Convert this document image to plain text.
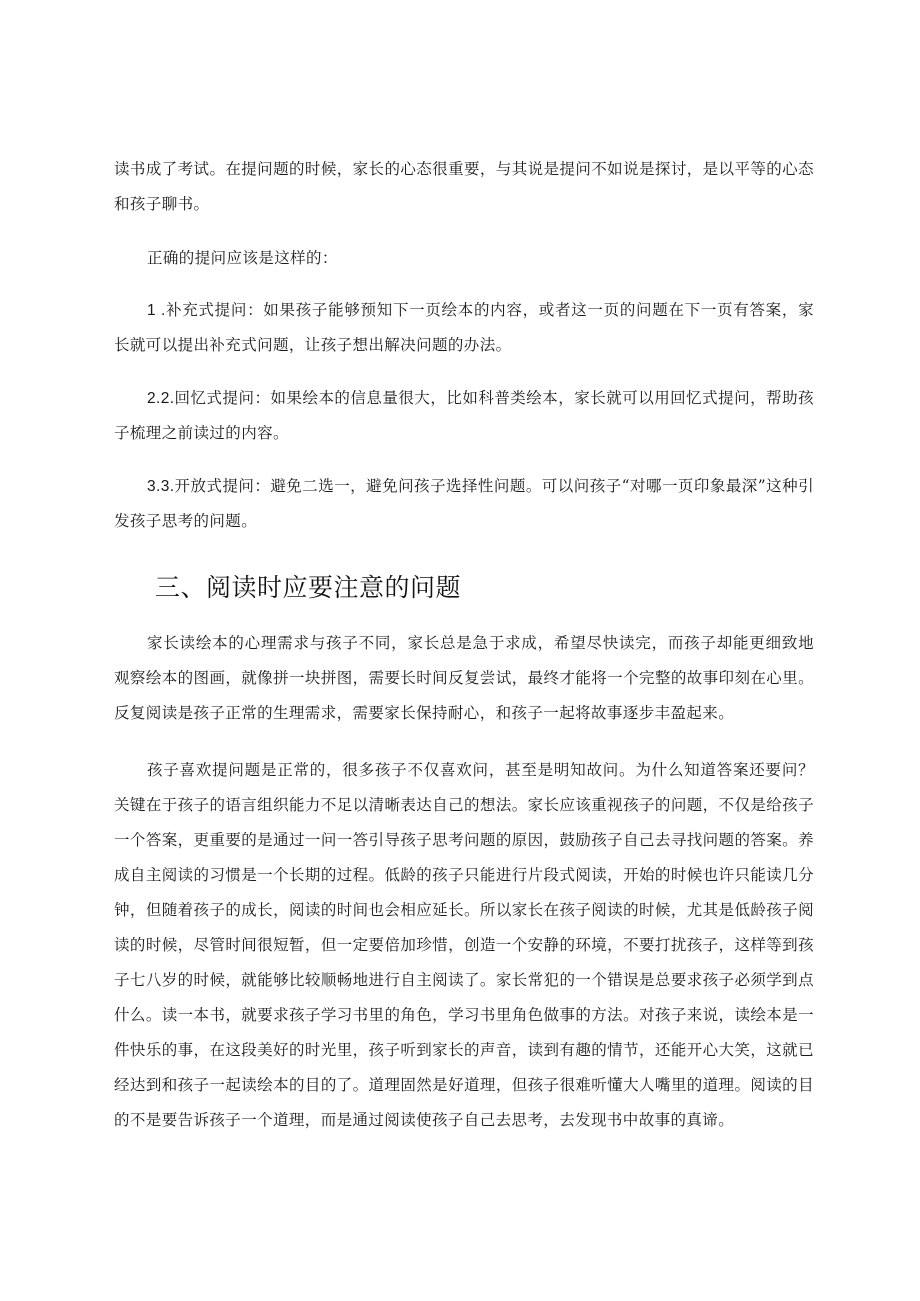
读书成了考试。在提问题的时候，家长的心态很重要，与其说是提问不如说是探讨，是以平等的心态和孩子聊书。

正确的提问应该是这样的：

1 .补充式提问：如果孩子能够预知下一页绘本的内容，或者这一页的问题在下一页有答案，家长就可以提出补充式问题，让孩子想出解决问题的办法。

2.2.回忆式提问：如果绘本的信息量很大，比如科普类绘本，家长就可以用回忆式提问，帮助孩子梳理之前读过的内容。

3.3.开放式提问：避免二选一，避免问孩子选择性问题。可以问孩子“对哪一页印象最深”这种引发孩子思考的问题。

三、阅读时应要注意的问题

家长读绘本的心理需求与孩子不同，家长总是急于求成，希望尽快读完，而孩子却能更细致地观察绘本的图画，就像拼一块拼图，需要长时间反复尝试，最终才能将一个完整的故事印刻在心里。反复阅读是孩子正常的生理需求，需要家长保持耐心，和孩子一起将故事逐步丰盈起来。

孩子喜欢提问题是正常的，很多孩子不仅喜欢问，甚至是明知故问。为什么知道答案还要问？关键在于孩子的语言组织能力不足以清晰表达自己的想法。家长应该重视孩子的问题，不仅是给孩子一个答案，更重要的是通过一问一答引导孩子思考问题的原因，鼓励孩子自己去寻找问题的答案。养成自主阅读的习惯是一个长期的过程。低龄的孩子只能进行片段式阅读，开始的时候也许只能读几分钟，但随着孩子的成长，阅读的时间也会相应延长。所以家长在孩子阅读的时候，尤其是低龄孩子阅读的时候，尽管时间很短暂，但一定要倍加珍惜，创造一个安静的环境，不要打扰孩子，这样等到孩子七八岁的时候，就能够比较顺畅地进行自主阅读了。家长常犯的一个错误是总要求孩子必须学到点什么。读一本书，就要求孩子学习书里的角色，学习书里角色做事的方法。对孩子来说，读绘本是一件快乐的事，在这段美好的时光里，孩子听到家长的声音，读到有趣的情节，还能开心大笑，这就已经达到和孩子一起读绘本的目的了。道理固然是好道理，但孩子很难听懂大人嘴里的道理。阅读的目的不是要告诉孩子一个道理，而是通过阅读使孩子自己去思考，去发现书中故事的真谛。
